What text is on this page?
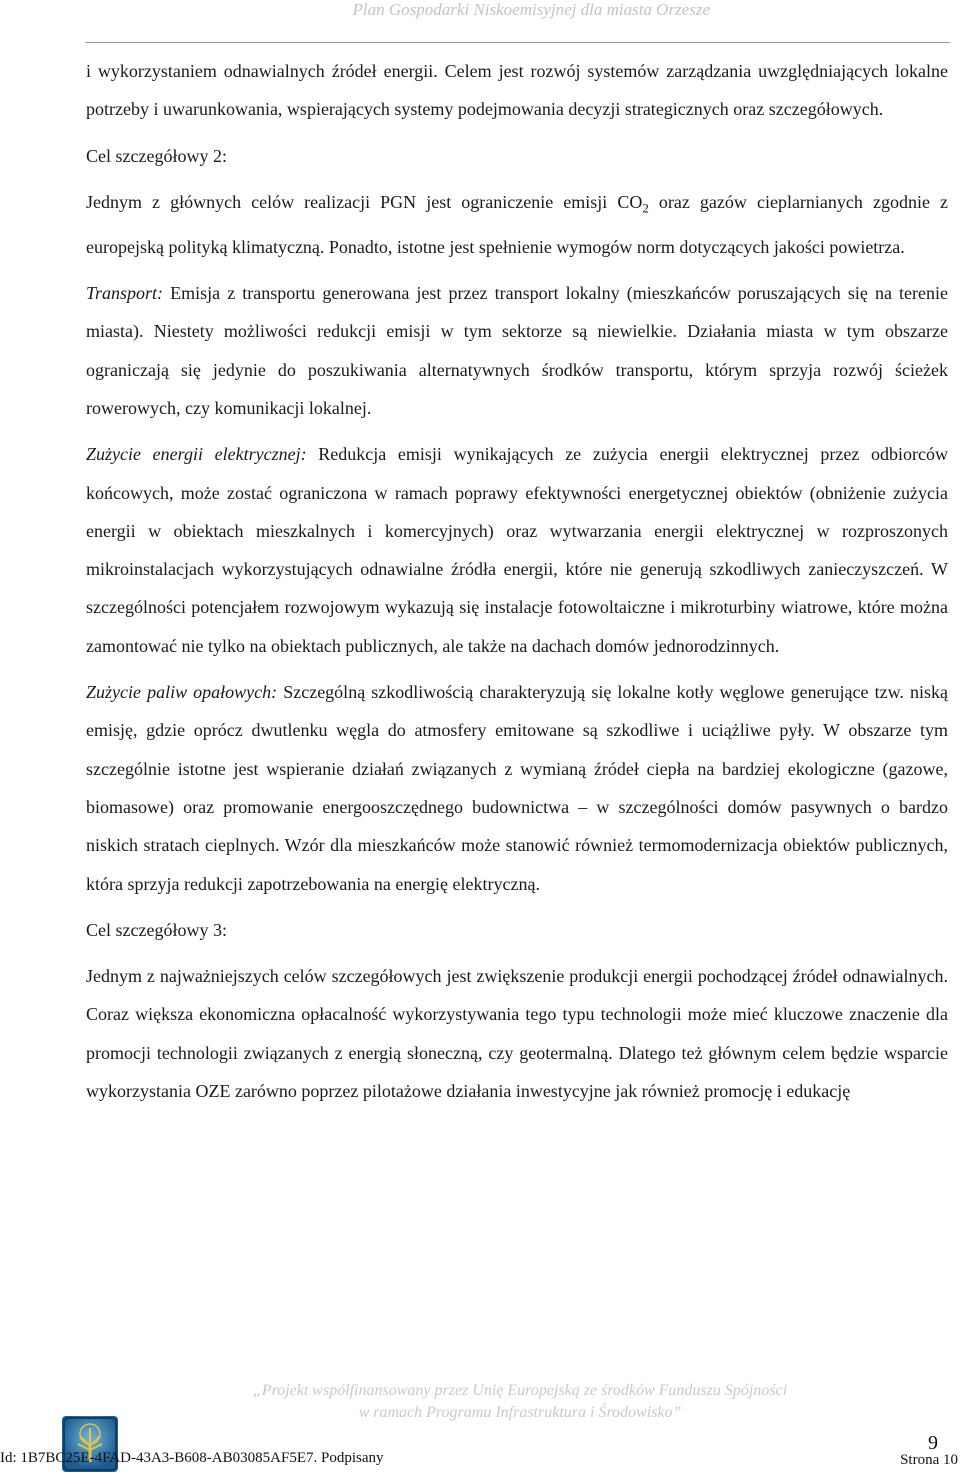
Plan Gospodarki Niskoemisyjnej dla miasta Orzesze

i wykorzystaniem odnawialnych źródeł energii. Celem jest rozwój systemów zarządzania uwzględniających lokalne potrzeby i uwarunkowania, wspierających systemy podejmowania decyzji strategicznych oraz szczegółowych.

Cel szczegółowy 2:

Jednym z głównych celów realizacji PGN jest ograniczenie emisji $CO_2$ oraz gazów cieplarnianych zgodnie z europejską polityką klimatyczną. Ponadto, istotne jest spełnienie wymogów norm dotyczących jakości powietrza.

Transport: Emisja z transportu generowana jest przez transport lokalny (mieszkańców poruszających się na terenie miasta). Niestety możliwości redukcji emisji w tym sektorze są niewielkie. Działania miasta w tym obszarze ograniczają się jedynie do poszukiwania alternatywnych środków transportu, którym sprzyja rozwój ścieżek rowerowych, czy komunikacji lokalnej.

Zużycie energii elektrycznej: Redukcja emisji wynikających ze zużycia energii elektrycznej przez odbiorców końcowych, może zostać ograniczona w ramach poprawy efektywności energetycznej obiektów (obniżenie zużycia energii w obiektach mieszkalnych i komercyjnych) oraz wytwarzania energii elektrycznej w rozproszonych mikroinstalacjach wykorzystujących odnawialne źródła energii, które nie generują szkodliwych zanieczyszczeń. W szczególności potencjałem rozwojowym wykazują się instalacje fotowoltaiczne i mikroturbiny wiatrowe, które można zamontować nie tylko na obiektach publicznych, ale także na dachach domów jednorodzinnych.

Zużycie paliw opałowych: Szczególną szkodliwością charakteryzują się lokalne kotły węglowe generujące tzw. niską emisję, gdzie oprócz dwutlenku węgla do atmosfery emitowane są szkodliwe i uciążliwe pyły. W obszarze tym szczególnie istotne jest wspieranie działań związanych z wymianą źródeł ciepła na bardziej ekologiczne (gazowe, biomasowe) oraz promowanie energooszczędnego budownictwa – w szczególności domów pasywnych o bardzo niskich stratach cieplnych. Wzór dla mieszkańców może stanowić również termomodernizacja obiektów publicznych, która sprzyja redukcji zapotrzebowania na energię elektryczną.

Cel szczegółowy 3:

Jednym z najważniejszych celów szczegółowych jest zwiększenie produkcji energii pochodzącej źródeł odnawialnych. Coraz większa ekonomiczna opłacalność wykorzystywania tego typu technologii może mieć kluczowe znaczenie dla promocji technologii związanych z energią słoneczną, czy geotermalną. Dlatego też głównym celem będzie wsparcie wykorzystania OZE zarówno poprzez pilotażowe działania inwestycyjne jak również promocję i edukację

„Projekt współfinansowany przez Unię Europejską ze środków Funduszu Spójności
w ramach Programu Infrastruktura i Środowisko”
Id: 1B7BC25E-4FAD-43A3-B608-AB03085AF5E7. Podpisany
9
Strona 10
